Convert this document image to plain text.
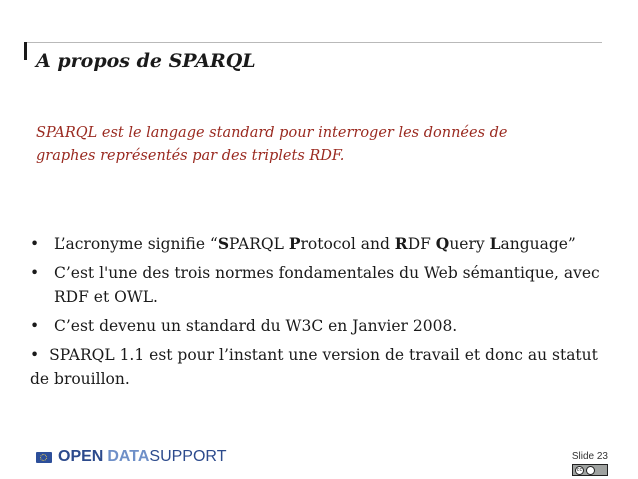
A propos de SPARQL
SPARQL est le langage standard pour interroger les données de
graphes représentés par des triplets RDF.
• L’acronyme signifie “SPARQL Protocol and RDF Query Language”
• C’est l'une des trois normes fondamentales du Web sémantique, avec
RDF et OWL.
• C’est devenu un standard du W3C en Janvier 2008.
• SPARQL 1.1 est pour l’instant une version de travail et donc au statut
de brouillon.
OPEN DATA SUPPORT	Slide 23
cc
